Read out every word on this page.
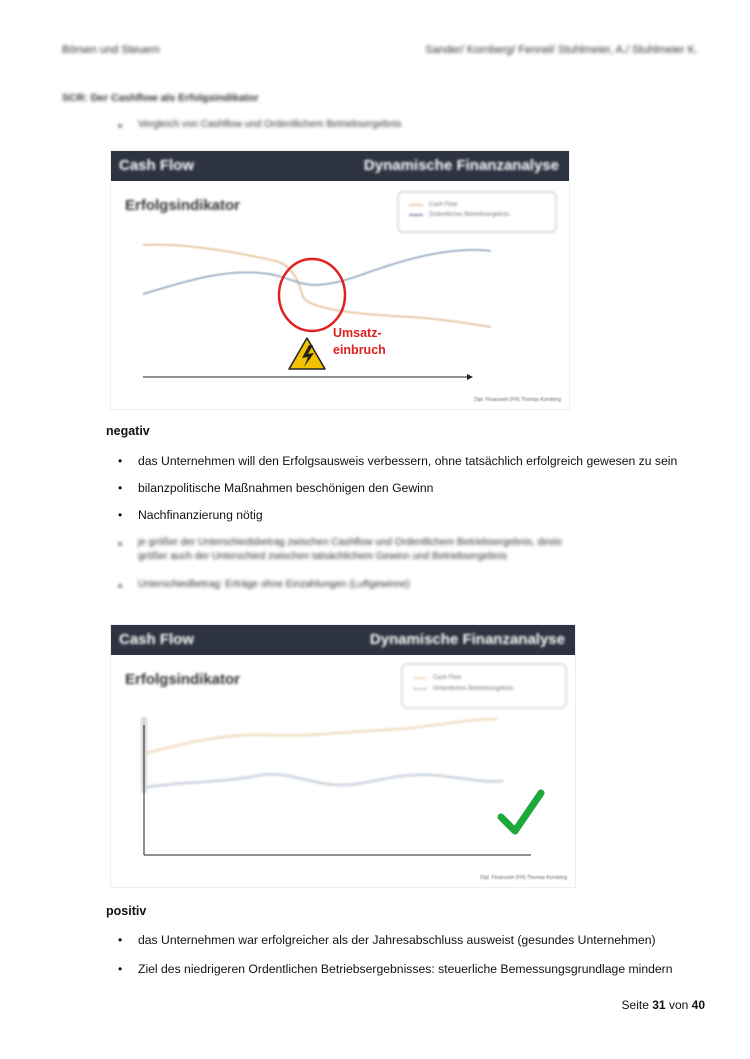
Börsen und Steuern	Sander/ Kornberg/ Fennel/ Stuhlmeier, A./ Stuhlmeier K.
SCR: Der Cashflow als Erfolgsindikator
•	Vergleich von Cashflow und Ordentlichem Betriebsergebnis
Cash Flow	Dynamische Finanzanalyse
Erfolgsindikator	Cash Flow
Ordentliches Betriebsergebnis
Umsatz-
einbruch
Dipl. Finanzwirt (FH) Thomas Kornberg
negativ
•	das Unternehmen will den Erfolgsausweis verbessern, ohne tatsächlich erfolgreich gewesen zu sein
•	bilanzpolitische Maßnahmen beschönigen den Gewinn
•	Nachfinanzierung nötig
•	je größer der Unterschiedsbetrag zwischen Cashflow und Ordentlichem Betriebsergebnis, desto
größer auch der Unterschied zwischen tatsächlichem Gewinn und Betriebsergebnis
•	Unterschiedbetrag: Erträge ohne Einzahlungen (Luftgewinne)
Cash Flow	Dynamische Finanzanalyse
Erfolgsindikator	Cash Flow
Ordentliches Betriebsergebnis
Dipl. Finanzwirt (FH) Thomas Kornberg
positiv
•	das Unternehmen war erfolgreicher als der Jahresabschluss ausweist (gesundes Unternehmen)
•	Ziel des niedrigeren Ordentlichen Betriebsergebnisses: steuerliche Bemessungsgrundlage mindern
Seite 31 von 40
